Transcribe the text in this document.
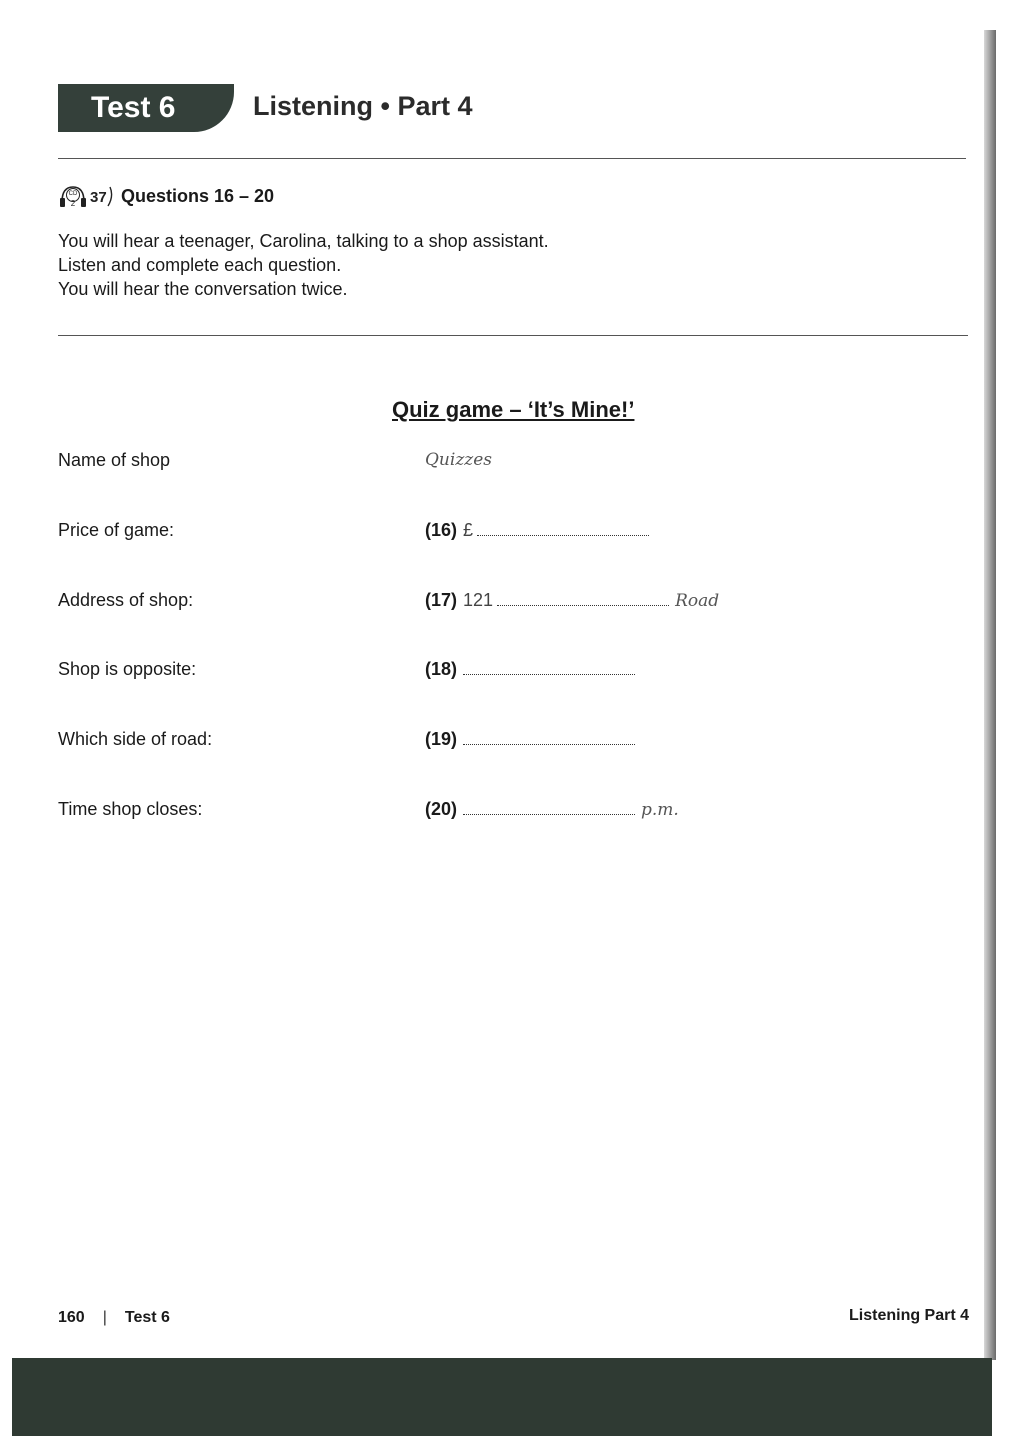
Test 6	Listening • Part 4
CD
2 37 Questions 16 – 20
You will hear a teenager, Carolina, talking to a shop assistant.
Listen and complete each question.
You will hear the conversation twice.
Quiz game – ‘It’s Mine!’
Name of shop	Quizzes
Price of game:	(16) £
Address of shop:	(17) 121	Road
Shop is opposite:	(18)
Which side of road:	(19)
Time shop closes:	(20)	p.m.
160 | Test 6	Listening Part 4
